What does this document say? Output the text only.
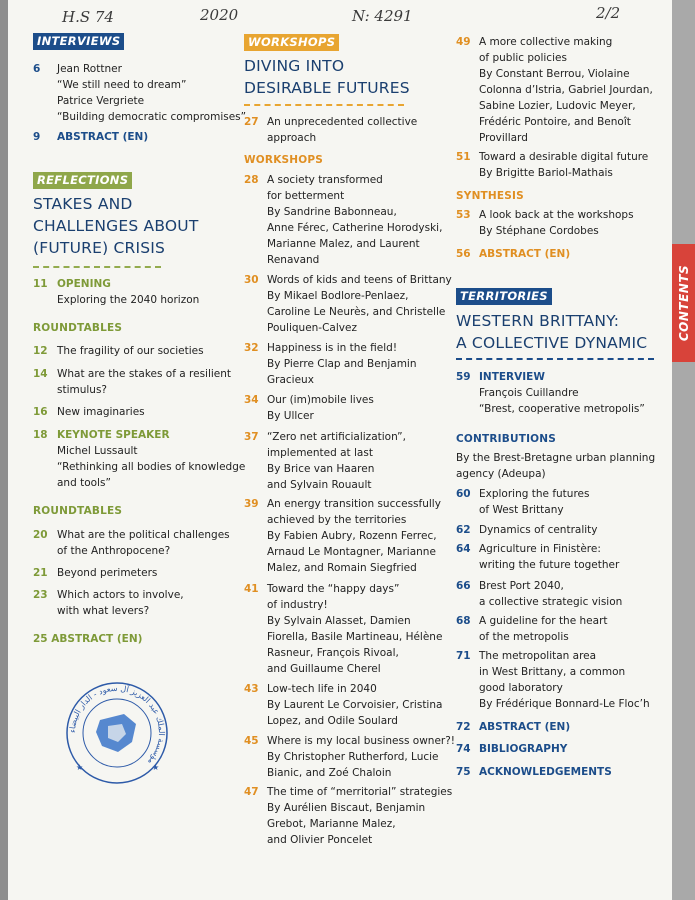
H.S 74	2020	N: 4291	2/2
CONTENTS
INTERVIEWS
6 Jean Rottner
“We still need to dream”
Patrice Vergriete
“Building democratic compromises”
9 ABSTRACT (EN)
REFLECTIONS
STAKES AND
CHALLENGES ABOUT
(FUTURE) CRISIS
11 OPENING
Exploring the 2040 horizon
ROUNDTABLES
12 The fragility of our societies
14 What are the stakes of a resilient
stimulus?
16 New imaginaries
18 KEYNOTE SPEAKER
Michel Lussault
“Rethinking all bodies of knowledge
and tools”
ROUNDTABLES
20 What are the political challenges
of the Anthropocene?
21 Beyond perimeters
23 Which actors to involve,
with what levers?
25 ABSTRACT (EN)
مؤسسة الملك عبد العزيز آل سعود - الدار البيضاء
★	★
WORKSHOPS
DIVING INTO
DESIRABLE FUTURES
27 An unprecedented collective
approach
WORKSHOPS
28 A society transformed
for betterment
By Sandrine Babonneau,
Anne Férec, Catherine Horodyski,
Marianne Malez, and Laurent
Renavand
30 Words of kids and teens of Brittany
By Mikael Bodlore-Penlaez,
Caroline Le Neurès, and Christelle
Pouliquen-Calvez
32 Happiness is in the field!
By Pierre Clap and Benjamin
Gracieux
34 Our (im)mobile lives
By Ullcer
37 “Zero net artificialization”,
implemented at last
By Brice van Haaren
and Sylvain Rouault
39 An energy transition successfully
achieved by the territories
By Fabien Aubry, Rozenn Ferrec,
Arnaud Le Montagner, Marianne
Malez, and Romain Siegfried
41 Toward the “happy days”
of industry!
By Sylvain Alasset, Damien
Fiorella, Basile Martineau, Hélène
Rasneur, François Rivoal,
and Guillaume Cherel
43 Low-tech life in 2040
By Laurent Le Corvoisier, Cristina
Lopez, and Odile Soulard
45 Where is my local business owner?!
By Christopher Rutherford, Lucie
Bianic, and Zoé Chaloin
47 The time of “merritorial” strategies
By Aurélien Biscaut, Benjamin
Grebot, Marianne Malez,
and Olivier Poncelet
49 A more collective making
of public policies
By Constant Berrou, Violaine
Colonna d’Istria, Gabriel Jourdan,
Sabine Lozier, Ludovic Meyer,
Frédéric Pontoire, and Benoît
Provillard
51 Toward a desirable digital future
By Brigitte Bariol-Mathais
SYNTHESIS
53 A look back at the workshops
By Stéphane Cordobes
56 ABSTRACT (EN)
TERRITORIES
WESTERN BRITTANY:
A COLLECTIVE DYNAMIC
59 INTERVIEW
François Cuillandre
“Brest, cooperative metropolis”
CONTRIBUTIONS
By the Brest-Bretagne urban planning
agency (Adeupa)
60 Exploring the futures
of West Brittany
62 Dynamics of centrality
64 Agriculture in Finistère:
writing the future together
66 Brest Port 2040,
a collective strategic vision
68 A guideline for the heart
of the metropolis
71 The metropolitan area
in West Brittany, a common
good laboratory
By Frédérique Bonnard-Le Floc’h
72 ABSTRACT (EN)
74 BIBLIOGRAPHY
75 ACKNOWLEDGEMENTS
